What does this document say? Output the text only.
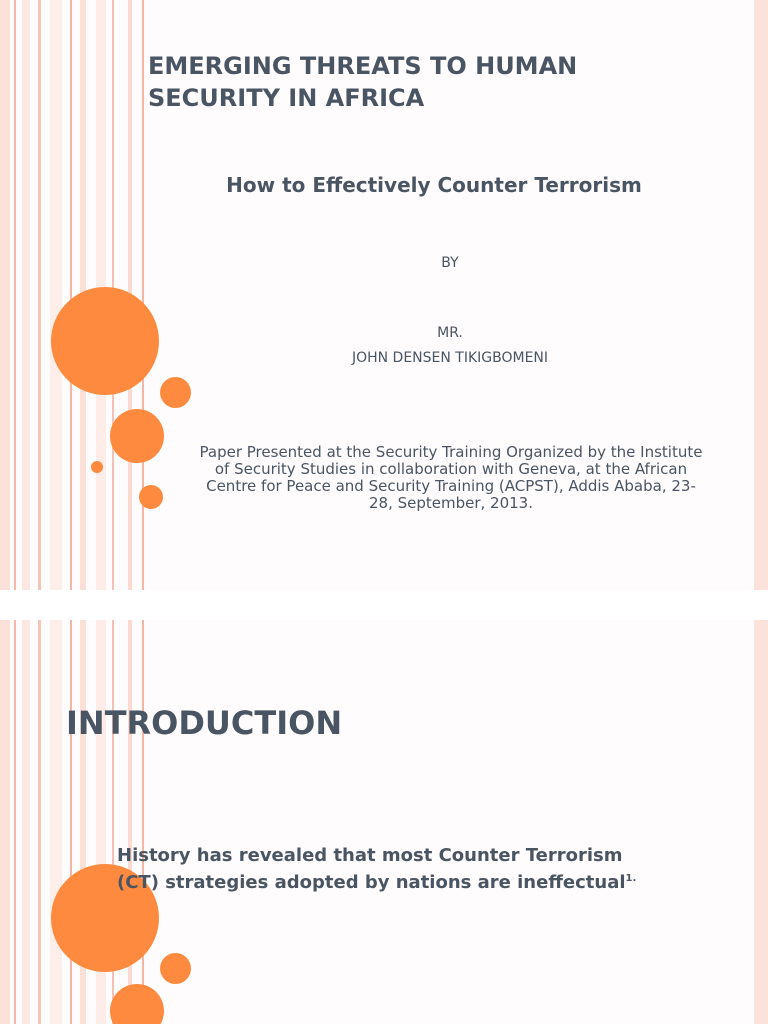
EMERGING THREATS TO HUMAN SECURITY IN AFRICA
How to Effectively Counter Terrorism
BY
MR.
JOHN DENSEN TIKIGBOMENI
Paper Presented at the Security Training Organized by the Institute of Security Studies in collaboration with Geneva, at the African Centre for Peace and Security Training (ACPST), Addis Ababa, 23-28, September, 2013.
INTRODUCTION
History has revealed that most Counter Terrorism (CT) strategies adopted by nations are ineffectual$^{1.}$
